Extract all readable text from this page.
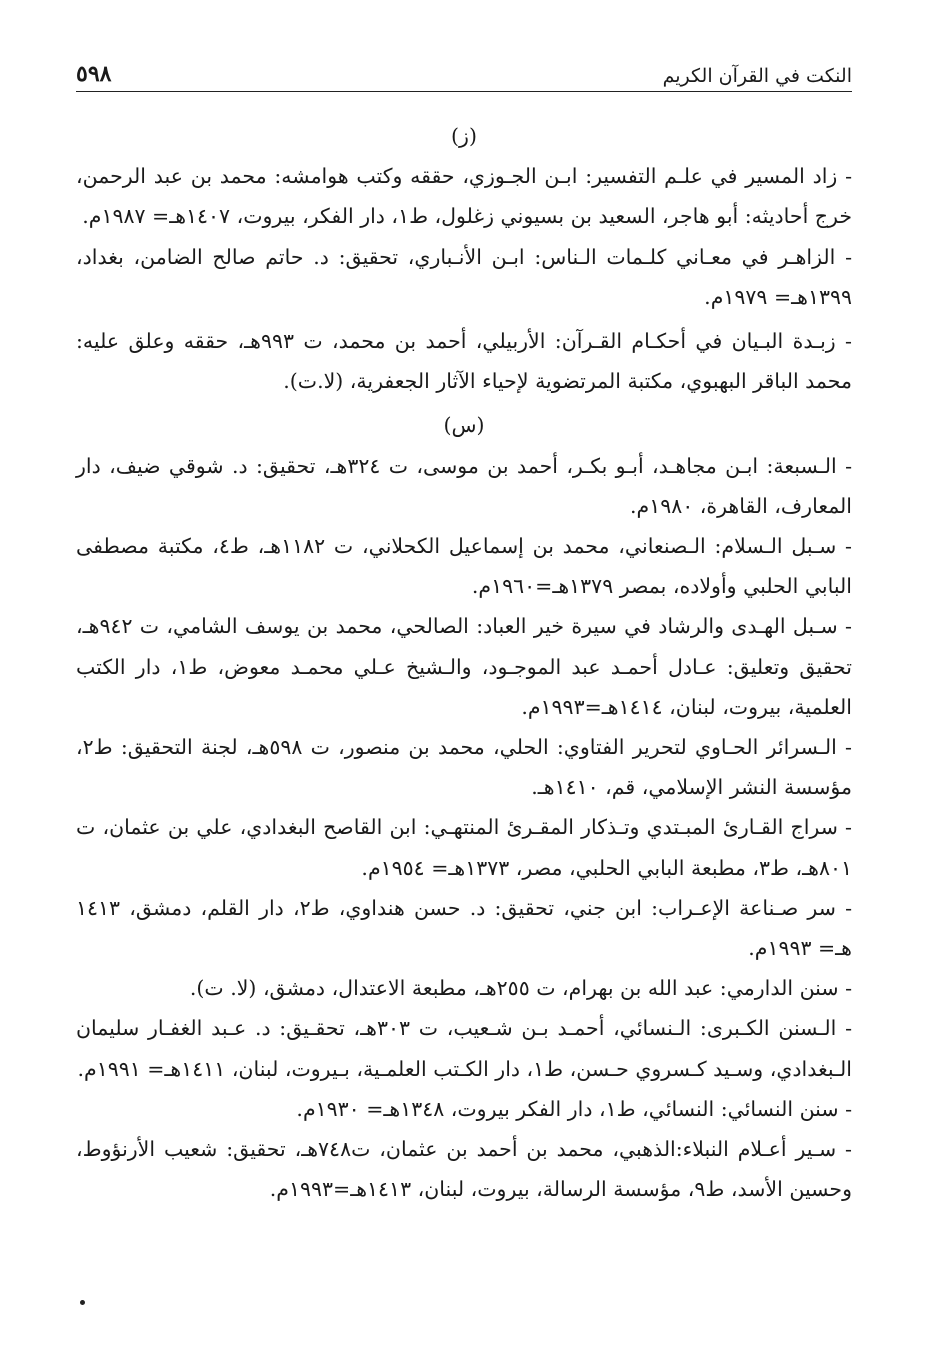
النكت في القرآن الكريم
٥٩٨
(ز)

- زاد المسير في علـم التفسير: ابـن الجـوزي، حققه وكتب هوامشه: محمد بن عبد الرحمن، خرج أحاديثه: أبو هاجر، السعيد بن بسيوني زغلول، ط١، دار الفكر، بيروت، ١٤٠٧هـ= ١٩٨٧م.

- الزاهـر في معـاني كلـمات الـناس: ابـن الأنـباري، تحقيق: د. حاتم صالح الضامن، بغداد، ١٣٩٩هـ= ١٩٧٩م.

- زبـدة البـيان في أحكـام القـرآن: الأربيلي، أحمد بن محمد، ت ٩٩٣هـ، حققه وعلق عليه: محمد الباقر البهبوي، مكتبة المرتضوية لإحياء الآثار الجعفرية، (لا.ت).

(س)

- الـسبعة: ابـن مجاهـد، أبـو بكـر، أحمد بن موسى، ت ٣٢٤هـ، تحقيق: د. شوقي ضيف، دار المعارف، القاهرة، ١٩٨٠م.

- سـبل الـسلام: الـصنعاني، محمد بن إسماعيل الكحلاني، ت ١١٨٢هـ، ط٤، مكتبة مصطفى البابي الحلبي وأولاده، بمصر ١٣٧٩هـ=١٩٦٠م.

- سـبل الهـدى والرشاد في سيرة خير العباد: الصالحي، محمد بن يوسف الشامي، ت ٩٤٢هـ، تحقيق وتعليق: عـادل أحمـد عبد الموجـود، والـشيخ عـلي محمـد معوض، ط١، دار الكتب العلمية، بيروت، لبنان، ١٤١٤هـ=١٩٩٣م.

- الـسرائر الحـاوي لتحرير الفتاوي: الحلي، محمد بن منصور، ت ٥٩٨هـ، لجنة التحقيق: ط٢، مؤسسة النشر الإسلامي، قم، ١٤١٠هـ.

- سراج القـارئ المبـتدي وتـذكار المقـرئ المنتهـي: ابن القاصح البغدادي، علي بن عثمان، ت ٨٠١هـ، ط٣، مطبعة البابي الحلبي، مصر، ١٣٧٣هـ= ١٩٥٤م.

- سر صـناعة الإعـراب: ابن جني، تحقيق: د. حسن هنداوي، ط٢، دار القلم، دمشق، ١٤١٣ هـ= ١٩٩٣م.

- سنن الدارمي: عبد الله بن بهرام، ت ٢٥٥هـ، مطبعة الاعتدال، دمشق، (لا. ت).

- الـسنن الكـبرى: الـنسائي، أحمـد بـن شـعيب، ت ٣٠٣هـ، تحقـيق: د. عـبد الغفـار سليمان الـبغدادي، وسـيد كـسروي حـسن، ط١، دار الكـتب العلمـية، بـيروت، لبنان، ١٤١١هـ= ١٩٩١م.

- سنن النسائي: النسائي، ط١، دار الفكر بيروت، ١٣٤٨هـ= ١٩٣٠م.

- سـير أعـلام النبلاء:الذهبي، محمد بن أحمد بن عثمان، ت٧٤٨هـ، تحقيق: شعيب الأرنؤوط، وحسين الأسد، ط٩، مؤسسة الرسالة، بيروت، لبنان، ١٤١٣هـ=١٩٩٣م.
